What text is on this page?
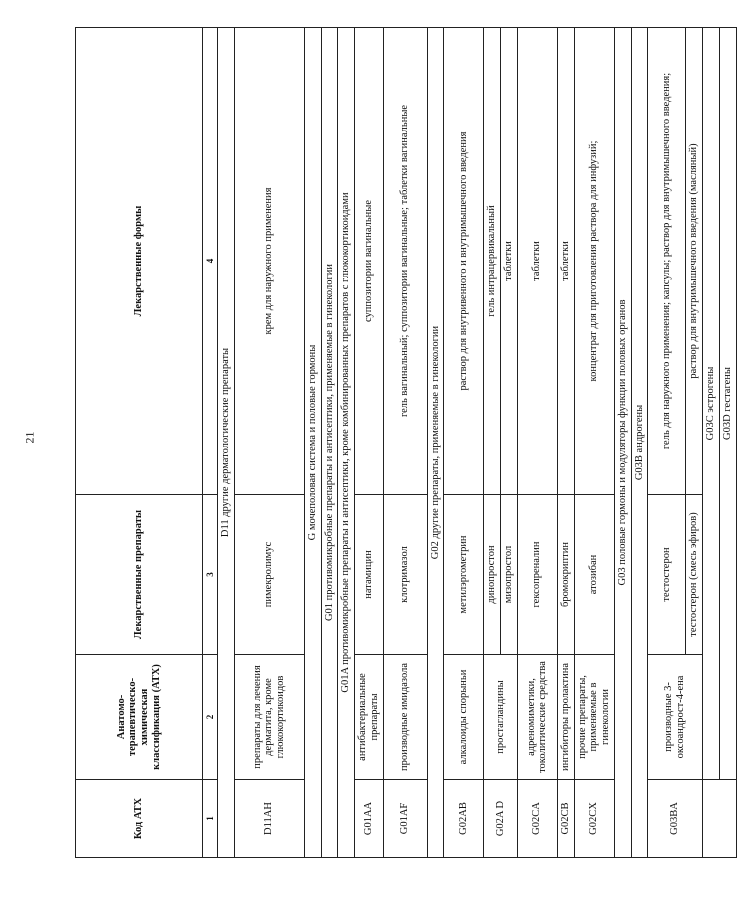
21
Код АТХ	Анатомо-терапевтическо-химическая классификация (АТХ)	Лекарственные препараты	Лекарственные формы
1	2	3	4
D11 другие дерматологические препараты			
D11AH	препараты для лечения дерматита, кроме глюкокортикоидов	пимекролимус	крем для наружного применения
G мочеполовая система и половые гормоны			
G01 противомикробные препараты и антисептики, применяемые в гинекологии			
G01A противомикробные препараты и антисептики, кроме комбинированных препаратов с глюкокортикоидами			
G01AA	антибактериальные препараты	натамицин	суппозитории вагинальные
G01AF	производные имидазола	клотримазол	гель вагинальный; суппозитории вагинальные; таблетки вагинальные
G02 другие препараты, применяемые в гинекологии			
G02AB	алкалоиды спорыньи	метилэргометрин	раствор для внутривенного и внутримышечного введения
G02A D	простагландины	динопростон	гель интрацервикальный
		мизопростол	таблетки
G02CA	адреномиметики, токолитические средства	гексопреналин	таблетки
G02CB	ингибиторы пролактина	бромокриптин	таблетки
G02CX	прочие препараты, применяемые в гинекологии	атозибан	концентрат для приготовления раствора для инфузий;
G03 половые гормоны и модуляторы функции половых органов			
G03B андрогены			
G03BA	производные 3-оксоандрост-4-ена	тестостерон	гель для наружного применения; капсулы; раствор для внутримышечного введения;
		тестостерон (смесь эфиров)	раствор для внутримышечного введения (масляный)
	G03C эстрогены		
	G03D гестагены		
